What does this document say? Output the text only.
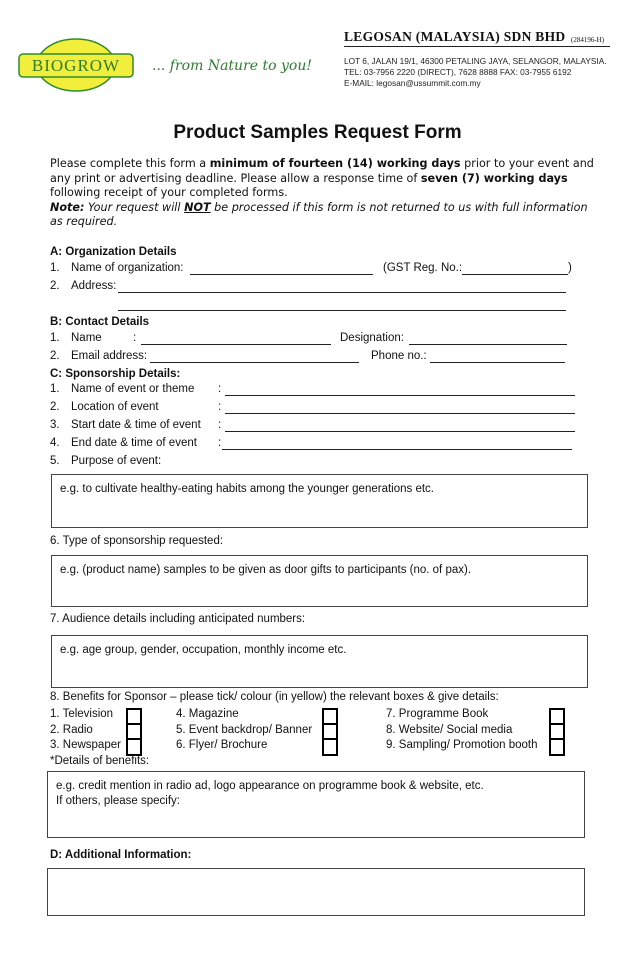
BIOGROW ... from Nature to you!
LEGOSAN (MALAYSIA) SDN BHD (284196-H)
LOT 6, JALAN 19/1, 46300 PETALING JAYA, SELANGOR, MALAYSIA.
TEL: 03-7956 2220 (DIRECT), 7628 8888 FAX: 03-7955 6192
E-MAIL: legosan@ussummit.com.my
Product Samples Request Form

Please complete this form a minimum of fourteen (14) working days prior to your event and any print or advertising deadline. Please allow a response time of seven (7) working days following receipt of your completed forms.

Note: Your request will NOT be processed if this form is not returned to us with full information as required.

A: Organization Details
1. Name of organization:	(GST Reg. No.:	)
2. Address:
B: Contact Details
1. Name	:	Designation:
2. Email address:	Phone no.:
C: Sponsorship Details:
1. Name of event or theme :
2. Location of event	:
3. Start date & time of event :
4. End date & time of event :
5. Purpose of event:
e.g. to cultivate healthy-eating habits among the younger generations etc.
6. Type of sponsorship requested:
e.g. (product name) samples to be given as door gifts to participants (no. of pax).
7. Audience details including anticipated numbers:
e.g. age group, gender, occupation, monthly income etc.
8. Benefits for Sponsor – please tick/ colour (in yellow) the relevant boxes & give details:
1. Television
2. Radio
3. Newspaper
4. Magazine
5. Event backdrop/ Banner
6. Flyer/ Brochure
7. Programme Book
8. Website/ Social media
9. Sampling/ Promotion booth
*Details of benefits:
e.g. credit mention in radio ad, logo appearance on programme book & website, etc.
If others, please specify:
D: Additional Information:
